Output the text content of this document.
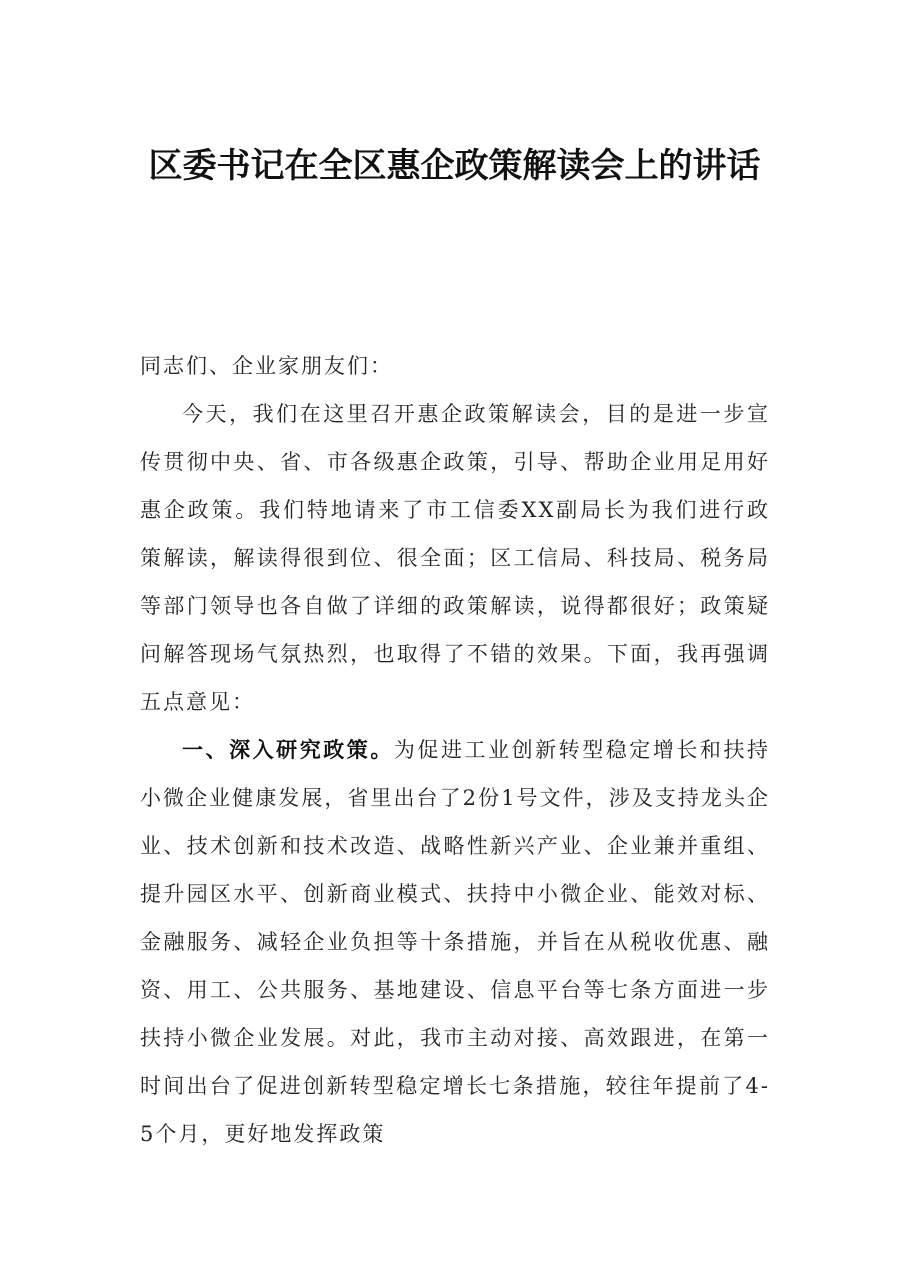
区委书记在全区惠企政策解读会上的讲话

同志们、企业家朋友们：

今天，我们在这里召开惠企政策解读会，目的是进一步宣传贯彻中央、省、市各级惠企政策，引导、帮助企业用足用好惠企政策。我们特地请来了市工信委XX副局长为我们进行政策解读，解读得很到位、很全面；区工信局、科技局、税务局等部门领导也各自做了详细的政策解读，说得都很好；政策疑问解答现场气氛热烈，也取得了不错的效果。下面，我再强调五点意见：

一、深入研究政策。为促进工业创新转型稳定增长和扶持小微企业健康发展，省里出台了2份1号文件，涉及支持龙头企业、技术创新和技术改造、战略性新兴产业、企业兼并重组、提升园区水平、创新商业模式、扶持中小微企业、能效对标、金融服务、减轻企业负担等十条措施，并旨在从税收优惠、融资、用工、公共服务、基地建设、信息平台等七条方面进一步扶持小微企业发展。对此，我市主动对接、高效跟进，在第一时间出台了促进创新转型稳定增长七条措施，较往年提前了4-5个月，更好地发挥政策
